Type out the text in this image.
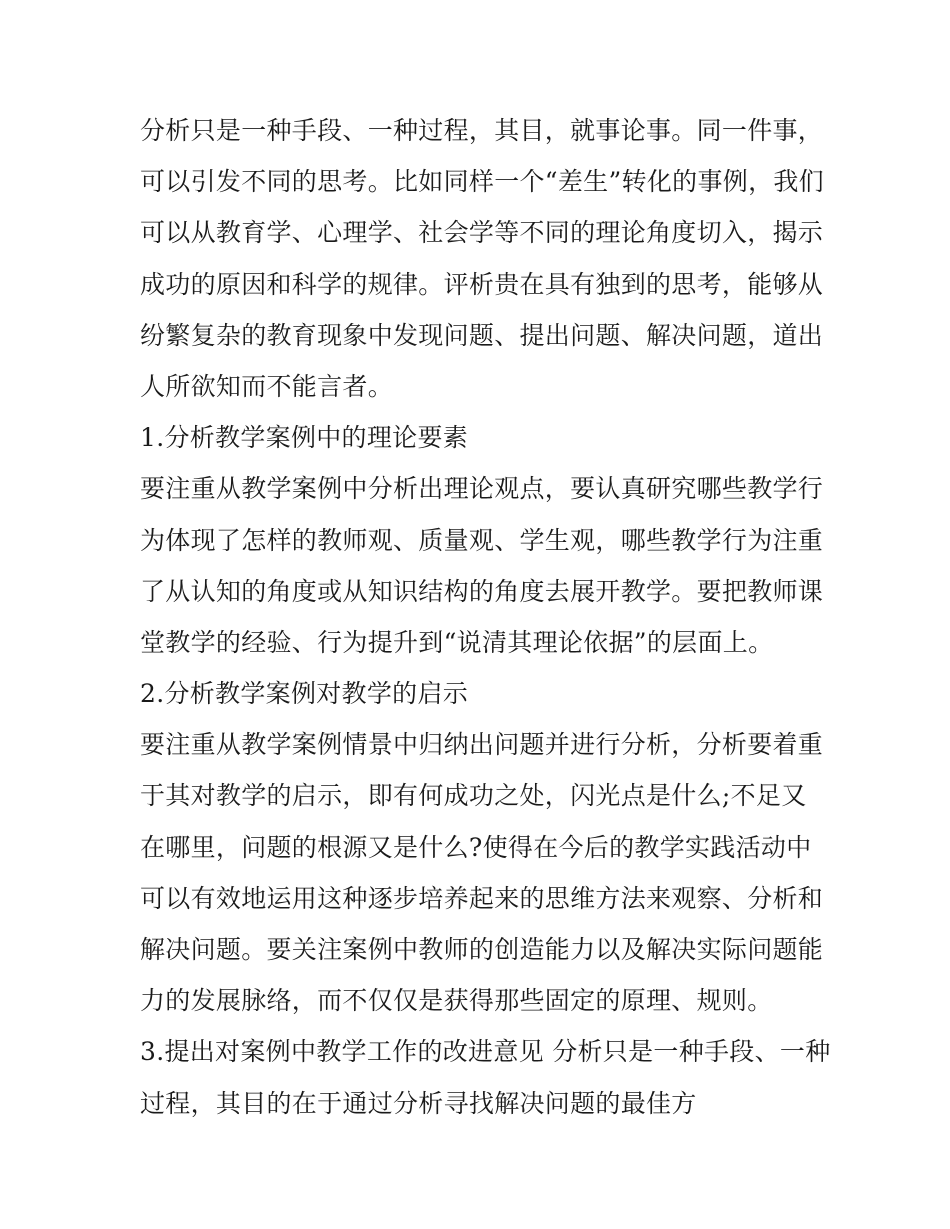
分析只是一种手段、一种过程，其目，就事论事。同一件事，
可以引发不同的思考。比如同样一个“差生”转化的事例，我们
可以从教育学、心理学、社会学等不同的理论角度切入，揭示
成功的原因和科学的规律。评析贵在具有独到的思考，能够从
纷繁复杂的教育现象中发现问题、提出问题、解决问题，道出
人所欲知而不能言者。
1.分析教学案例中的理论要素
要注重从教学案例中分析出理论观点，要认真研究哪些教学行
为体现了怎样的教师观、质量观、学生观，哪些教学行为注重
了从认知的角度或从知识结构的角度去展开教学。要把教师课
堂教学的经验、行为提升到“说清其理论依据”的层面上。
2.分析教学案例对教学的启示
要注重从教学案例情景中归纳出问题并进行分析，分析要着重
于其对教学的启示，即有何成功之处，闪光点是什么;不足又
在哪里，问题的根源又是什么?使得在今后的教学实践活动中
可以有效地运用这种逐步培养起来的思维方法来观察、分析和
解决问题。要关注案例中教师的创造能力以及解决实际问题能
力的发展脉络，而不仅仅是获得那些固定的原理、规则。
3.提出对案例中教学工作的改进意见 分析只是一种手段、一种
过程，其目的在于通过分析寻找解决问题的最佳方
